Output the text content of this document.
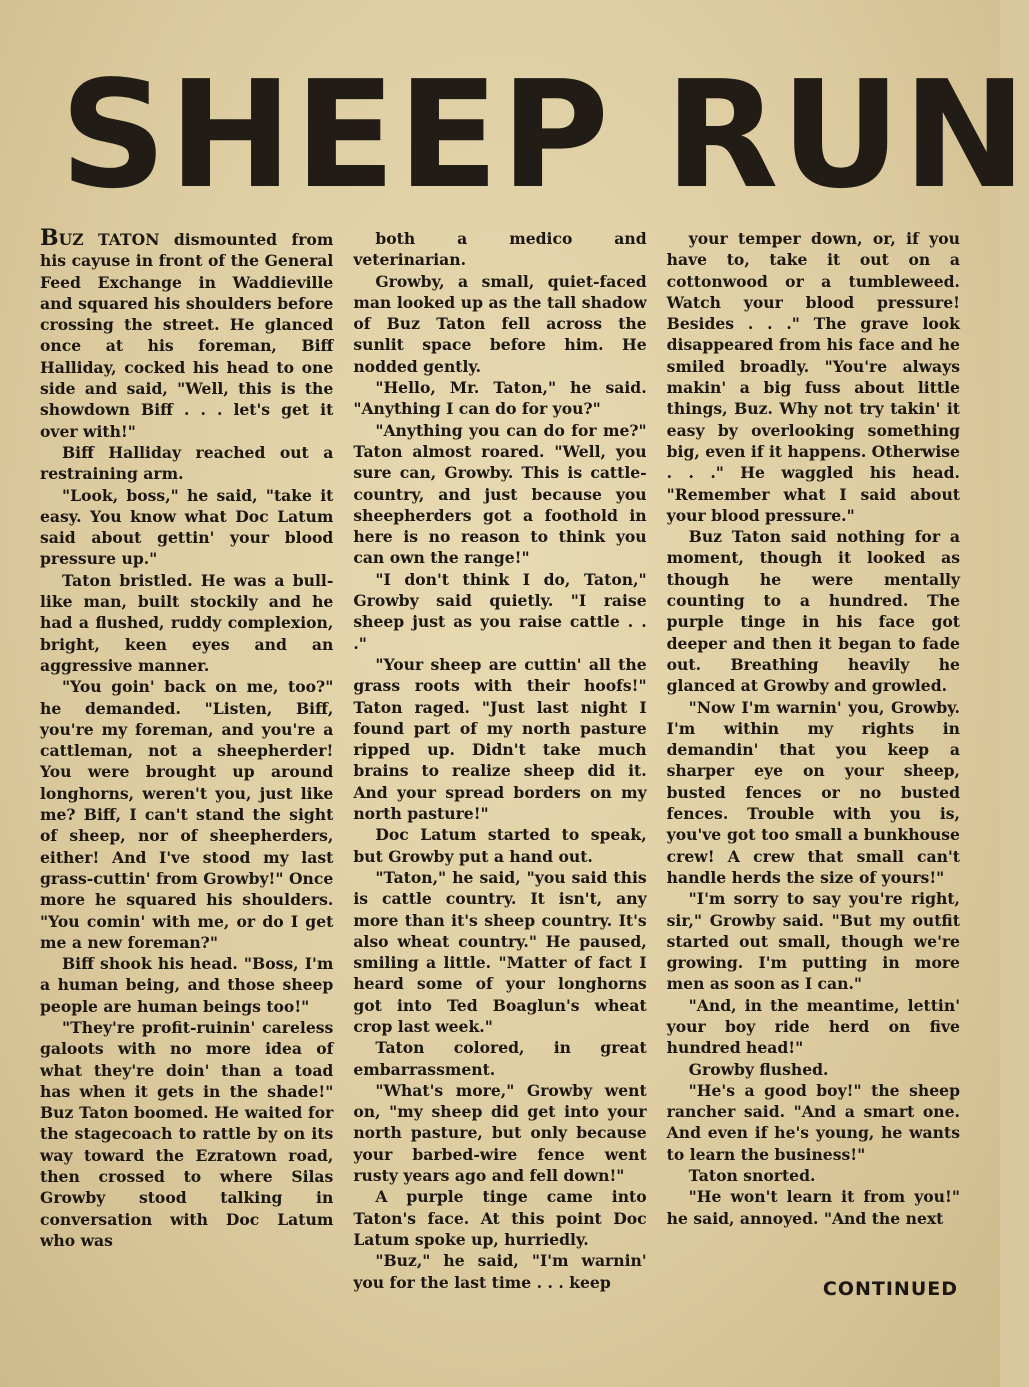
SHEEP RUN

BUZ TATON dismounted from his cayuse in front of the General Feed Exchange in Waddieville and squared his shoulders before crossing the street. He glanced once at his foreman, Biff Halliday, cocked his head to one side and said, "Well, this is the showdown Biff . . . let's get it over with!"

Biff Halliday reached out a restraining arm.

"Look, boss," he said, "take it easy. You know what Doc Latum said about gettin' your blood pressure up."

Taton bristled. He was a bull-like man, built stockily and he had a flushed, ruddy complexion, bright, keen eyes and an aggressive manner.

"You goin' back on me, too?" he demanded. "Listen, Biff, you're my foreman, and you're a cattleman, not a sheepherder! You were brought up around longhorns, weren't you, just like me? Biff, I can't stand the sight of sheep, nor of sheepherders, either! And I've stood my last grass-cuttin' from Growby!" Once more he squared his shoulders. "You comin' with me, or do I get me a new foreman?"

Biff shook his head. "Boss, I'm a human being, and those sheep people are human beings too!"

"They're profit-ruinin' careless galoots with no more idea of what they're doin' than a toad has when it gets in the shade!" Buz Taton boomed. He waited for the stagecoach to rattle by on its way toward the Ezratown road, then crossed to where Silas Growby stood talking in conversation with Doc Latum who was

both a medico and veterinarian.

Growby, a small, quiet-faced man looked up as the tall shadow of Buz Taton fell across the sunlit space before him. He nodded gently.

"Hello, Mr. Taton," he said. "Anything I can do for you?"

"Anything you can do for me?" Taton almost roared. "Well, you sure can, Growby. This is cattle-country, and just because you sheepherders got a foothold in here is no reason to think you can own the range!"

"I don't think I do, Taton," Growby said quietly. "I raise sheep just as you raise cattle . . ."

"Your sheep are cuttin' all the grass roots with their hoofs!" Taton raged. "Just last night I found part of my north pasture ripped up. Didn't take much brains to realize sheep did it. And your spread borders on my north pasture!"

Doc Latum started to speak, but Growby put a hand out.

"Taton," he said, "you said this is cattle country. It isn't, any more than it's sheep country. It's also wheat country." He paused, smiling a little. "Matter of fact I heard some of your longhorns got into Ted Boaglun's wheat crop last week."

Taton colored, in great embarrassment.

"What's more," Growby went on, "my sheep did get into your north pasture, but only because your barbed-wire fence went rusty years ago and fell down!"

A purple tinge came into Taton's face. At this point Doc Latum spoke up, hurriedly.

"Buz," he said, "I'm warnin' you for the last time . . . keep

your temper down, or, if you have to, take it out on a cottonwood or a tumbleweed. Watch your blood pressure! Besides . . ." The grave look disappeared from his face and he smiled broadly. "You're always makin' a big fuss about little things, Buz. Why not try takin' it easy by overlooking something big, even if it happens. Otherwise . . ." He waggled his head. "Remember what I said about your blood pressure."

Buz Taton said nothing for a moment, though it looked as though he were mentally counting to a hundred. The purple tinge in his face got deeper and then it began to fade out. Breathing heavily he glanced at Growby and growled.

"Now I'm warnin' you, Growby. I'm within my rights in demandin' that you keep a sharper eye on your sheep, busted fences or no busted fences. Trouble with you is, you've got too small a bunkhouse crew! A crew that small can't handle herds the size of yours!"

"I'm sorry to say you're right, sir," Growby said. "But my outfit started out small, though we're growing. I'm putting in more men as soon as I can."

"And, in the meantime, lettin' your boy ride herd on five hundred head!"

Growby flushed.

"He's a good boy!" the sheep rancher said. "And a smart one. And even if he's young, he wants to learn the business!"

Taton snorted.

"He won't learn it from you!" he said, annoyed. "And the next

CONTINUED
